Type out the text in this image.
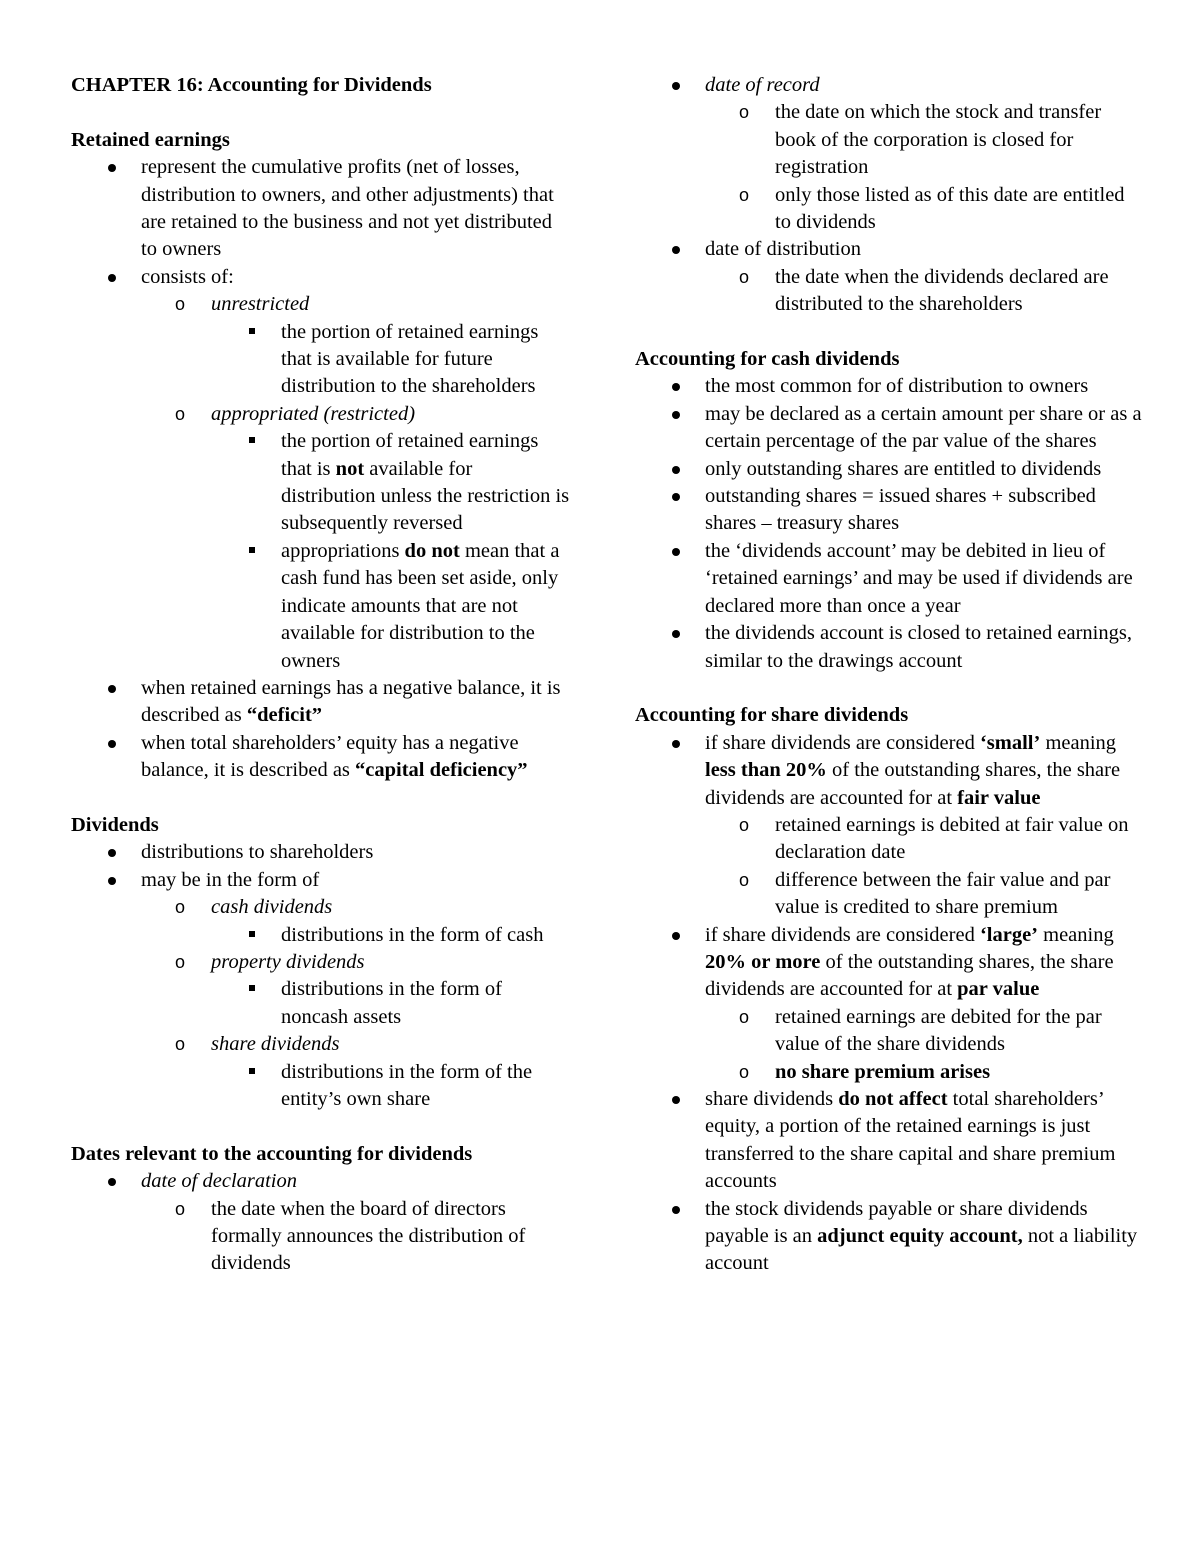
CHAPTER 16: Accounting for Dividends
Retained earnings
represent the cumulative profits (net of losses, distribution to owners, and other adjustments) that are retained to the business and not yet distributed to owners
consists of:
o unrestricted
the portion of retained earnings that is available for future distribution to the shareholders
o appropriated (restricted)
the portion of retained earnings that is not available for distribution unless the restriction is subsequently reversed
appropriations do not mean that a cash fund has been set aside, only indicate amounts that are not available for distribution to the owners
when retained earnings has a negative balance, it is described as “deficit”
when total shareholders’ equity has a negative balance, it is described as “capital deficiency”
Dividends
distributions to shareholders
may be in the form of
o cash dividends
distributions in the form of cash
o property dividends
distributions in the form of noncash assets
o share dividends
distributions in the form of the entity’s own share
Dates relevant to the accounting for dividends
date of declaration
o the date when the board of directors formally announces the distribution of dividends
date of record
o the date on which the stock and transfer book of the corporation is closed for registration
o only those listed as of this date are entitled to dividends
date of distribution
o the date when the dividends declared are distributed to the shareholders
Accounting for cash dividends
the most common for of distribution to owners
may be declared as a certain amount per share or as a certain percentage of the par value of the shares
only outstanding shares are entitled to dividends
outstanding shares = issued shares + subscribed shares – treasury shares
the ‘dividends account’ may be debited in lieu of ‘retained earnings’ and may be used if dividends are declared more than once a year
the dividends account is closed to retained earnings, similar to the drawings account
Accounting for share dividends
if share dividends are considered ‘small’ meaning less than 20% of the outstanding shares, the share dividends are accounted for at fair value
o retained earnings is debited at fair value on declaration date
o difference between the fair value and par value is credited to share premium
if share dividends are considered ‘large’ meaning 20% or more of the outstanding shares, the share dividends are accounted for at par value
o retained earnings are debited for the par value of the share dividends
o no share premium arises
share dividends do not affect total shareholders’ equity, a portion of the retained earnings is just transferred to the share capital and share premium accounts
the stock dividends payable or share dividends payable is an adjunct equity account, not a liability account
